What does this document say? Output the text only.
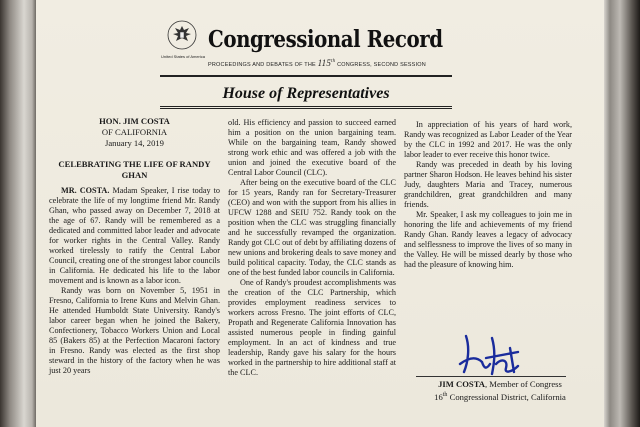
United States of America
Congressional Record
PROCEEDINGS AND DEBATES OF THE 115th CONGRESS, SECOND SESSION
House of Representatives
HON. JIM COSTA
OF CALIFORNIA
January 14, 2019
CELEBRATING THE LIFE OF RANDY GHAN

MR. COSTA. Madam Speaker, I rise today to celebrate the life of my longtime friend Mr. Randy Ghan, who passed away on December 7, 2018 at the age of 67. Randy will be remembered as a dedicated and committed labor leader and advocate for worker rights in the Central Valley. Randy worked tirelessly to ratify the Central Labor Council, creating one of the strongest labor councils in California. He dedicated his life to the labor movement and is known as a labor icon.

Randy was born on November 5, 1951 in Fresno, California to Irene Kuns and Melvin Ghan. He attended Humboldt State University. Randy's labor career began when he joined the Bakery, Confectionery, Tobacco Workers Union and Local 85 (Bakers 85) at the Perfection Macaroni factory in Fresno. Randy was elected as the first shop steward in the history of the factory when he was just 20 years

old. His efficiency and passion to succeed earned him a position on the union bargaining team. While on the bargaining team, Randy showed strong work ethic and was offered a job with the union and joined the executive board of the Central Labor Council (CLC).

After being on the executive board of the CLC for 15 years, Randy ran for Secretary-Treasurer (CEO) and won with the support from his allies in UFCW 1288 and SEIU 752. Randy took on the position when the CLC was struggling financially and he successfully revamped the organization. Randy got CLC out of debt by affiliating dozens of new unions and brokering deals to save money and build political capacity. Today, the CLC stands as one of the best funded labor councils in California.

One of Randy's proudest accomplishments was the creation of the CLC Partnership, which provides employment readiness services to workers across Fresno. The joint efforts of CLC, Propath and Regenerate California Innovation has assisted numerous people in finding gainful employment. In an act of kindness and true leadership, Randy gave his salary for the hours worked in the partnership to hire additional staff at the CLC.

In appreciation of his years of hard work, Randy was recognized as Labor Leader of the Year by the CLC in 1992 and 2017. He was the only labor leader to ever receive this honor twice.

Randy was preceded in death by his loving partner Sharon Hodson. He leaves behind his sister Judy, daughters Maria and Tracey, numerous grandchildren, great grandchildren and many friends.

Mr. Speaker, I ask my colleagues to join me in honoring the life and achievements of my friend Randy Ghan. Randy leaves a legacy of advocacy and selflessness to improve the lives of so many in the Valley. He will be missed dearly by those who had the pleasure of knowing him.

JIM COSTA, Member of Congress
16th Congressional District, California
